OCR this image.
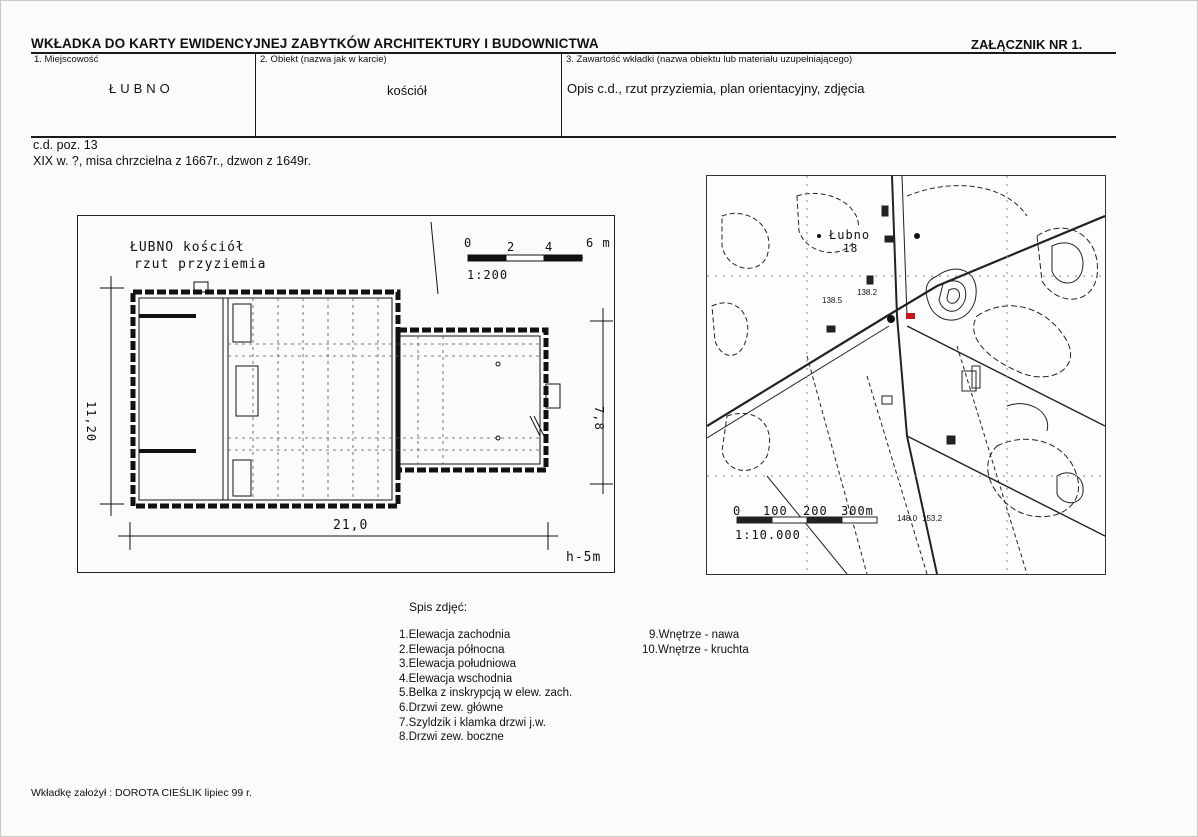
WKŁADKA DO KARTY EWIDENCYJNEJ ZABYTKÓW ARCHITEKTURY I BUDOWNICTWA	ZAŁĄCZNIK NR 1.
1. Miejscowość
ŁUBNO
2. Obiekt (nazwa jak w karcie)
kościół
3. Zawartość wkładki (nazwa obiektu lub materiału uzupełniającego)
Opis c.d., rzut przyziemia, plan orientacyjny, zdjęcia
c.d. poz. 13
XIX w. ?, misa chrzcielna z 1667r., dzwon z 1649r.
ŁUBNO kościół
rzut przyziemia
0	2 4	6 m
1:200
21,0
11,20	7,8
h-5m
Łubno
18
138.5
138.2
148.0 153.2
0 100 200 300m
1:10.000
Spis zdjęć:
1.Elewacja zachodnia
2.Elewacja północna
3.Elewacja południowa
4.Elewacja wschodnia
5.Belka z inskrypcją w elew. zach.
6.Drzwi zew. główne
7.Szyldzik i klamka drzwi j.w.
8.Drzwi zew. boczne
9.Wnętrze - nawa
10.Wnętrze - kruchta
Wkładkę założył : DOROTA CIEŚLIK lipiec 99 r.
